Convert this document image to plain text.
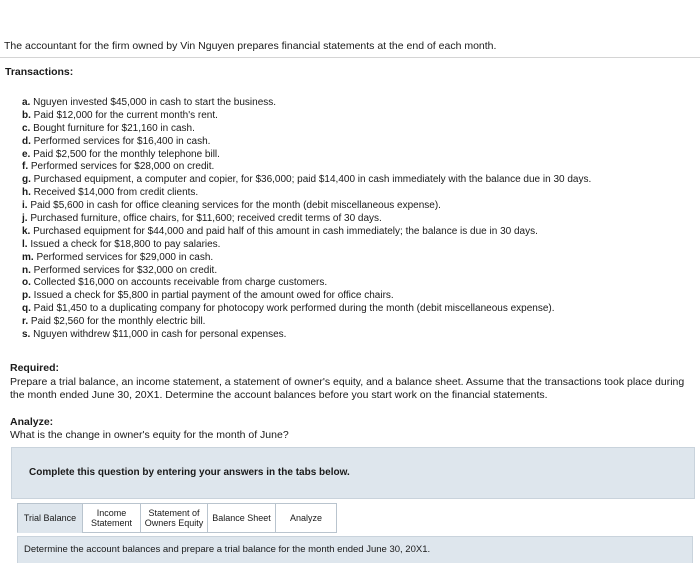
The accountant for the firm owned by Vin Nguyen prepares financial statements at the end of each month.
Transactions:
a. Nguyen invested $45,000 in cash to start the business.
b. Paid $12,000 for the current month's rent.
c. Bought furniture for $21,160 in cash.
d. Performed services for $16,400 in cash.
e. Paid $2,500 for the monthly telephone bill.
f. Performed services for $28,000 on credit.
g. Purchased equipment, a computer and copier, for $36,000; paid $14,400 in cash immediately with the balance due in 30 days.
h. Received $14,000 from credit clients.
i. Paid $5,600 in cash for office cleaning services for the month (debit miscellaneous expense).
j. Purchased furniture, office chairs, for $11,600; received credit terms of 30 days.
k. Purchased equipment for $44,000 and paid half of this amount in cash immediately; the balance is due in 30 days.
l. Issued a check for $18,800 to pay salaries.
m. Performed services for $29,000 in cash.
n. Performed services for $32,000 on credit.
o. Collected $16,000 on accounts receivable from charge customers.
p. Issued a check for $5,800 in partial payment of the amount owed for office chairs.
q. Paid $1,450 to a duplicating company for photocopy work performed during the month (debit miscellaneous expense).
r. Paid $2,560 for the monthly electric bill.
s. Nguyen withdrew $11,000 in cash for personal expenses.
Required:
Prepare a trial balance, an income statement, a statement of owner's equity, and a balance sheet. Assume that the transactions took place during the month ended June 30, 20X1. Determine the account balances before you start work on the financial statements.
Analyze:
What is the change in owner's equity for the month of June?
Complete this question by entering your answers in the tabs below.
Trial Balance
Income
Statement
Statement of
Owners Equity
Balance Sheet	Analyze
Determine the account balances and prepare a trial balance for the month ended June 30, 20X1.
